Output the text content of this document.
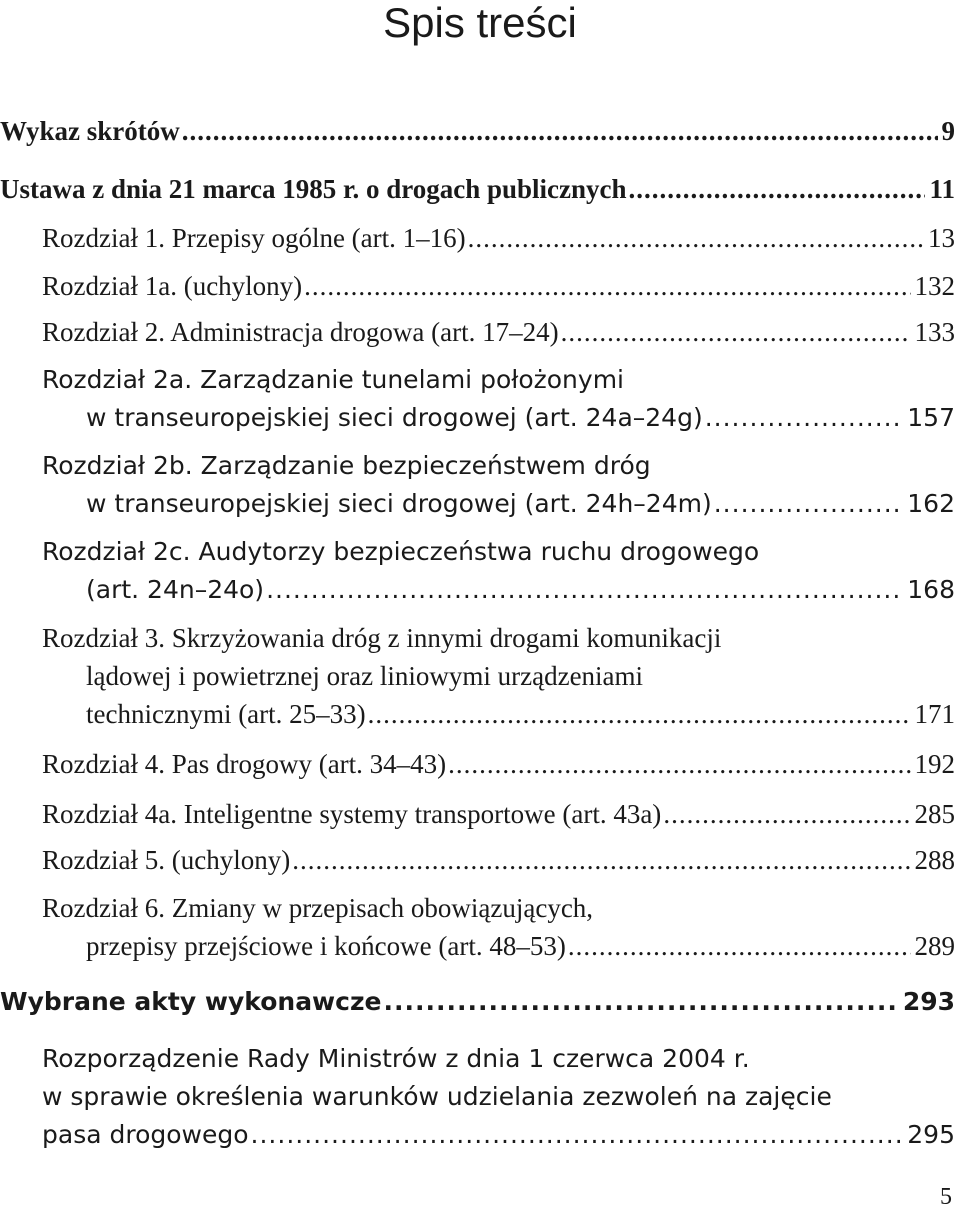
Spis treści
Wykaz skrótów .....	9
Ustawa z dnia 21 marca 1985 r. o drogach publicznych .....	11
Rozdział 1. Przepisy ogólne (art. 1–16) .....	13
Rozdział 1a. (uchylony) .....	132
Rozdział 2. Administracja drogowa (art. 17–24) .....	133
Rozdział 2a. Zarządzanie tunelami położonymi
w transeuropejskiej sieci drogowej (art. 24a–24g) .....	157
Rozdział 2b. Zarządzanie bezpieczeństwem dróg
w transeuropejskiej sieci drogowej (art. 24h–24m) .....	162
Rozdział 2c. Audytorzy bezpieczeństwa ruchu drogowego
(art. 24n–24o) .....	168
Rozdział 3. Skrzyżowania dróg z innymi drogami komunikacji
lądowej i powietrznej oraz liniowymi urządzeniami
technicznymi (art. 25–33) .....	171
Rozdział 4. Pas drogowy (art. 34–43) .....	192
Rozdział 4a. Inteligentne systemy transportowe (art. 43a) .....	285
Rozdział 5. (uchylony) .....	288
Rozdział 6. Zmiany w przepisach obowiązujących,
przepisy przejściowe i końcowe (art. 48–53) .....	289
Wybrane akty wykonawcze .....	293
Rozporządzenie Rady Ministrów z dnia 1 czerwca 2004 r.
w sprawie określenia warunków udzielania zezwoleń na zajęcie
pasa drogowego .....	295
5
